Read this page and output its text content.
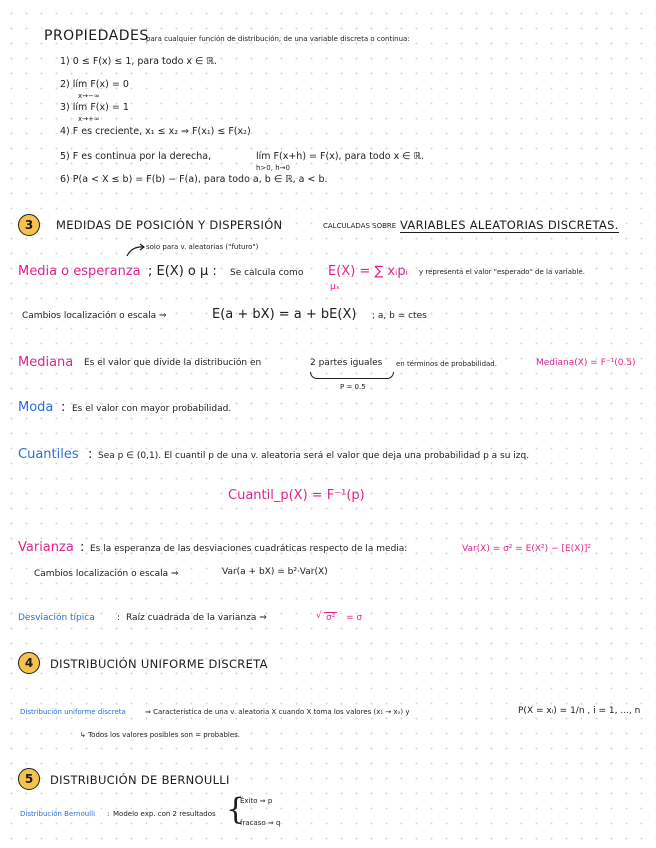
PROPIEDADES
para cualquier función de distribución, de una variable discreta o continua:
1) 0 ≤ F(x) ≤ 1, para todo x ∈ ℝ.
2) lím F(x) = 0
x→−∞
3) lím F(x) = 1
x→+∞
4) F es creciente, x₁ ≤ x₂ ⇒ F(x₁) ≤ F(x₂)
5) F es continua por la derecha,	lím F(x+h) = F(x), para todo x ∈ ℝ.
h>0, h→0
6) P(a < X ≤ b) = F(b) − F(a), para todo a, b ∈ ℝ, a < b.
3	MEDIDAS DE POSICIÓN Y DISPERSIÓN	CALCULADAS SOBRE VARIABLES ALEATORIAS DISCRETAS.
solo para v. aleatorias ("futuro")
Media o esperanza ; E(X) o μ : Se calcula como E(X) = ∑ xᵢpᵢ
μₓ
y representa el valor "esperado" de la variable.
Cambios localización o escala ⇒	E(a + bX) = a + bE(X) ; a, b = ctes
Mediana Es el valor que divide la distribución en	2 partes iguales
P = 0.5
en términos de probabilidad.	Mediana(X) = F⁻¹(0.5)
Moda : Es el valor con mayor probabilidad.
Cuantiles : Sea p ∈ (0,1). El cuantil p de una v. aleatoria será el valor que deja una probabilidad p a su izq.
Cuantil_p(X) = F⁻¹(p)
Varianza : Es la esperanza de las desviaciones cuadráticas respecto de la media:	Var(X) = σ² = E(X²) − [E(X)]²
Cambios localización o escala ⇒	Var(a + bX) = b²·Var(X)
Desviación típica : Raíz cuadrada de la varianza ⇒	√ σ² = σ
4	DISTRIBUCIÓN UNIFORME DISCRETA
Distribución uniforme discreta	⇒ Característica de una v. aleatoria X cuando X toma los valores (x₁ → xₙ) y	P(X = xᵢ) = 1/n , i = 1, ..., n
↳ Todos los valores posibles son = probables.
5	DISTRIBUCIÓN DE BERNOULLI
Distribución Bernoulli : Modelo exp. con 2 resultados {
Éxito ⇒ p
fracaso ⇒ q
